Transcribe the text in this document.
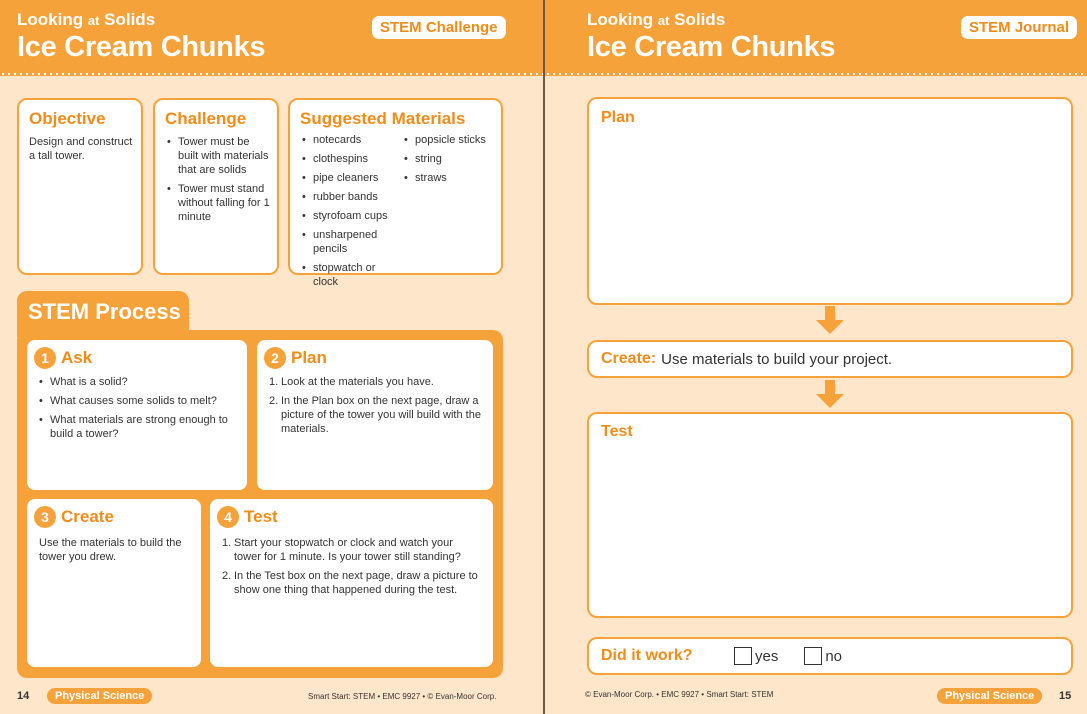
Looking at Solids
Ice Cream Chunks
STEM Challenge
Objective
Design and construct a tall tower.
Challenge
• Tower must be built with materials that are solids
• Tower must stand without falling for 1 minute
Suggested Materials
• notecards
• clothespins
• pipe cleaners
• rubber bands
• styrofoam cups
• unsharpened pencils
• stopwatch or clock
• popsicle sticks
• string
• straws
STEM Process
1 Ask
• What is a solid?
• What causes some solids to melt?
• What materials are strong enough to build a tower?
2 Plan
1. Look at the materials you have.
2. In the Plan box on the next page, draw a picture of the tower you will build with the materials.
3 Create
Use the materials to build the tower you drew.
4 Test
1. Start your stopwatch or clock and watch your tower for 1 minute. Is your tower still standing?
2. In the Test box on the next page, draw a picture to show one thing that happened during the test.
14	Physical Science	Smart Start: STEM • EMC 9927 • © Evan-Moor Corp.
Looking at Solids
Ice Cream Chunks
STEM Journal
Plan
Create: Use materials to build your project.
Test
Did it work?	yes	no
© Evan-Moor Corp. • EMC 9927 • Smart Start: STEM	Physical Science	15
